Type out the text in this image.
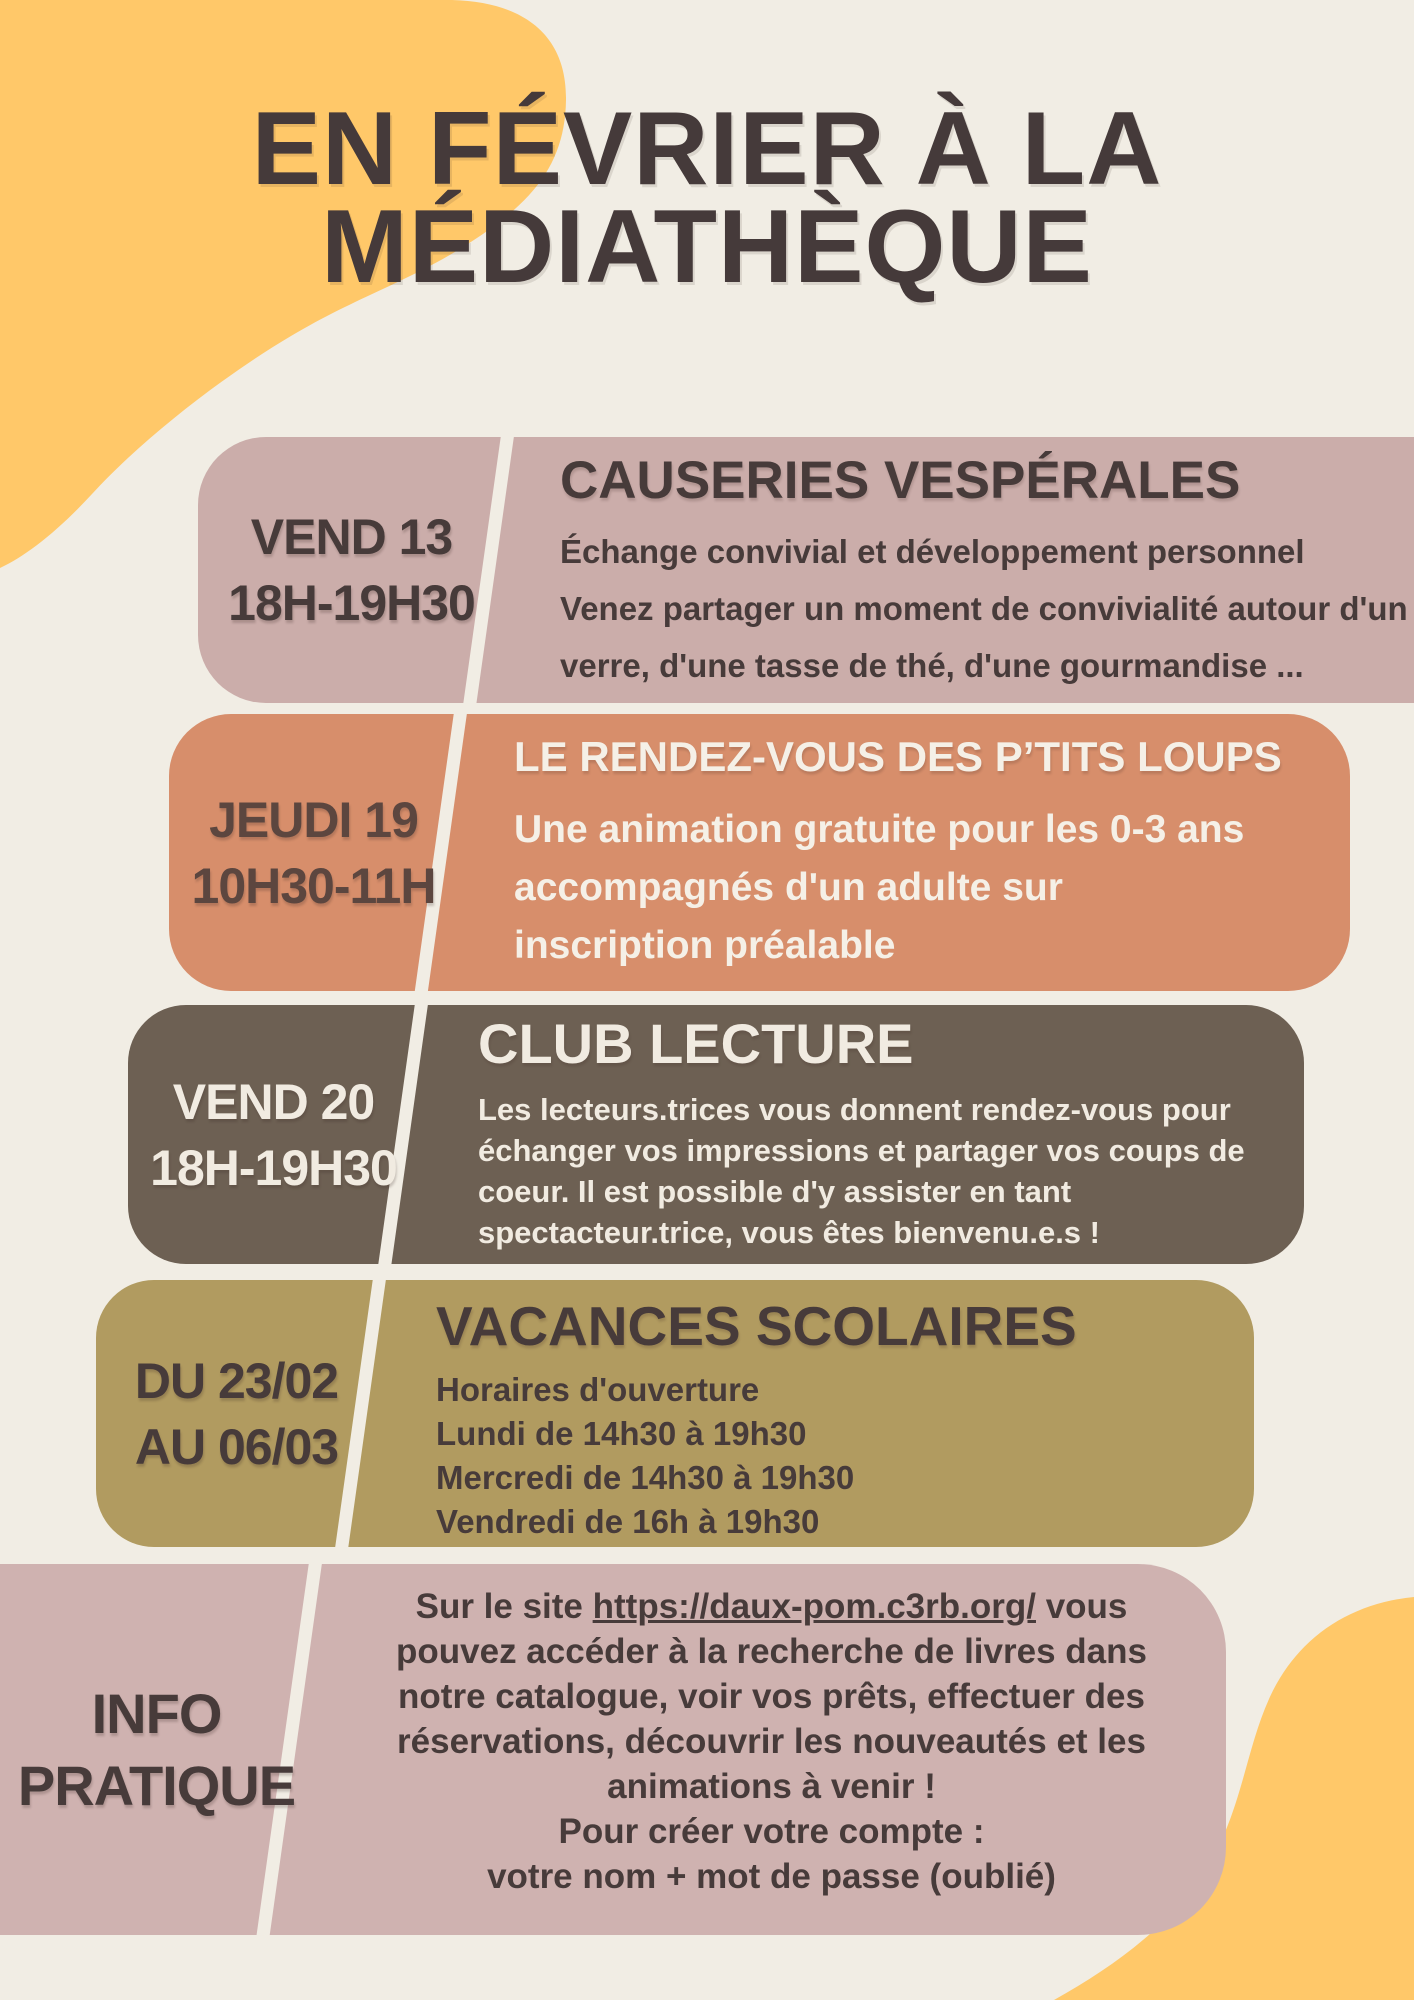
EN FÉVRIER À LA
MÉDIATHÈQUE
VEND 13
18H-19H30
CAUSERIES VESPÉRALES
Échange convivial et développement personnel
Venez partager un moment de convivialité autour d'un
verre, d'une tasse de thé, d'une gourmandise ...
JEUDI 19
10H30-11H
LE RENDEZ-VOUS DES P’TITS LOUPS
Une animation gratuite pour les 0-3 ans
accompagnés d'un adulte sur
inscription préalable
VEND 20
18H-19H30
CLUB LECTURE
Les lecteurs.trices vous donnent rendez-vous pour
échanger vos impressions et partager vos coups de
coeur. Il est possible d'y assister en tant
spectacteur.trice, vous êtes bienvenu.e.s !
DU 23/02
AU 06/03
VACANCES SCOLAIRES
Horaires d'ouverture
Lundi de 14h30 à 19h30
Mercredi de 14h30 à 19h30
Vendredi de 16h à 19h30
INFO
PRATIQUE
Sur le site https://daux-pom.c3rb.org/ vous
pouvez accéder à la recherche de livres dans
notre catalogue, voir vos prêts, effectuer des
réservations, découvrir les nouveautés et les
animations à venir !
Pour créer votre compte :
votre nom + mot de passe (oublié)
